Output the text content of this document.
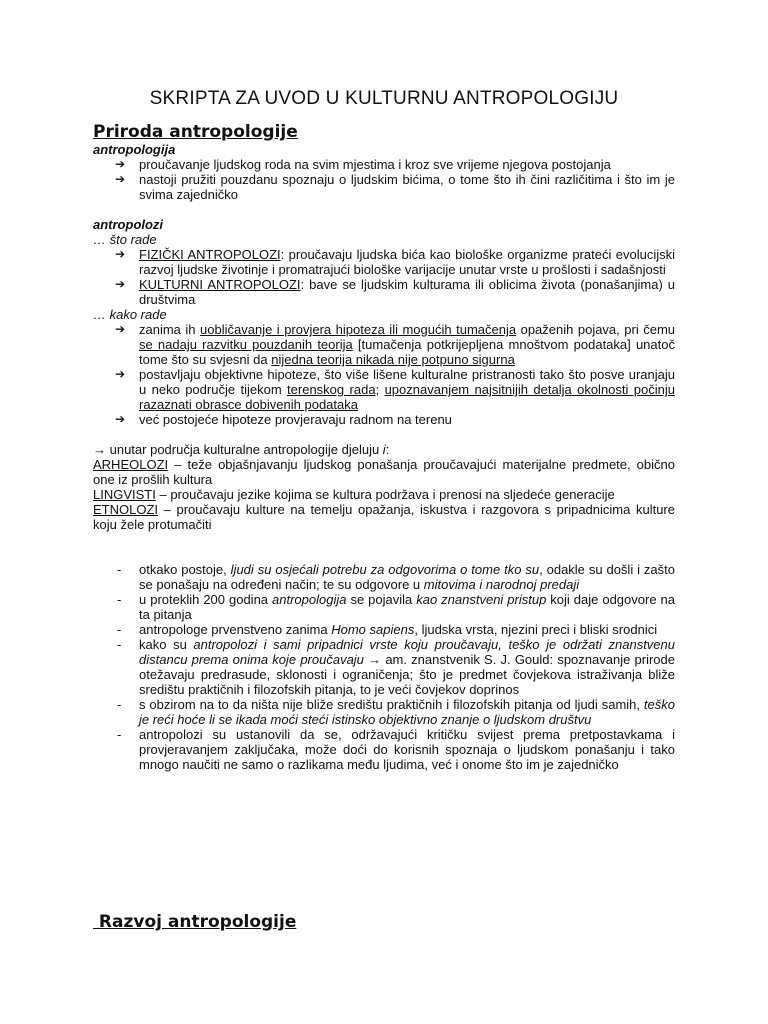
SKRIPTA ZA UVOD U KULTURNU ANTROPOLOGIJU
Priroda antropologije
antropologija
➔ proučavanje ljudskog roda na svim mjestima i kroz sve vrijeme njegova postojanja
➔ nastoji pružiti pouzdanu spoznaju o ljudskim bićima, o tome što ih čini različitima i što im je svima zajedničko
antropolozi
… što rade
➔ FIZIČKI ANTROPOLOZI: proučavaju ljudska bića kao biološke organizme prateći evolucijski razvoj ljudske životinje i promatrajući biološke varijacije unutar vrste u prošlosti i sadašnjosti
➔ KULTURNI ANTROPOLOZI: bave se ljudskim kulturama ili oblicima života (ponašanjima) u društvima
… kako rade
➔ zanima ih uobličavanje i provjera hipoteza ili mogućih tumačenja opaženih pojava, pri čemu se nadaju razvitku pouzdanih teorija [tumačenja potkrijepljena mnoštvom podataka] unatoč tome što su svjesni da nijedna teorija nikada nije potpuno sigurna
➔ postavljaju objektivne hipoteze, što više lišene kulturalne pristranosti tako što posve uranjaju u neko područje tijekom terenskog rada; upoznavanjem najsitnijih detalja okolnosti počinju razaznati obrasce dobivenih podataka
➔ već postojeće hipoteze provjeravaju radnom na terenu
→ unutar područja kulturalne antropologije djeluju i:
ARHEOLOZI – teže objašnjavanju ljudskog ponašanja proučavajući materijalne predmete, obično one iz prošlih kultura
LINGVISTI – proučavaju jezike kojima se kultura podržava i prenosi na sljedeće generacije
ETNOLOZI – proučavaju kulture na temelju opažanja, iskustva i razgovora s pripadnicima kulture koju žele protumačiti
- otkako postoje, ljudi su osjećali potrebu za odgovorima o tome tko su, odakle su došli i zašto se ponašaju na određeni način; te su odgovore u mitovima i narodnoj predaji
- u proteklih 200 godina antropologija se pojavila kao znanstveni pristup koji daje odgovore na ta pitanja
- antropologe prvenstveno zanima Homo sapiens, ljudska vrsta, njezini preci i bliski srodnici
- kako su antropolozi i sami pripadnici vrste koju proučavaju, teško je održati znanstvenu distancu prema onima koje proučavaju → am. znanstvenik S. J. Gould: spoznavanje prirode otežavaju predrasude, sklonosti i ograničenja; što je predmet čovjekova istraživanja bliže središtu praktičnih i filozofskih pitanja, to je veći čovjekov doprinos
- s obzirom na to da ništa nije bliže središtu praktičnih i filozofskih pitanja od ljudi samih, teško je reći hoće li se ikada moći steći istinsko objektivno znanje o ljudskom društvu
- antropolozi su ustanovili da se, održavajući kritičku svijest prema pretpostavkama i provjeravanjem zaključaka, može doći do korisnih spoznaja o ljudskom ponašanju i tako mnogo naučiti ne samo o razlikama među ljudima, već i onome što im je zajedničko
Razvoj antropologije
